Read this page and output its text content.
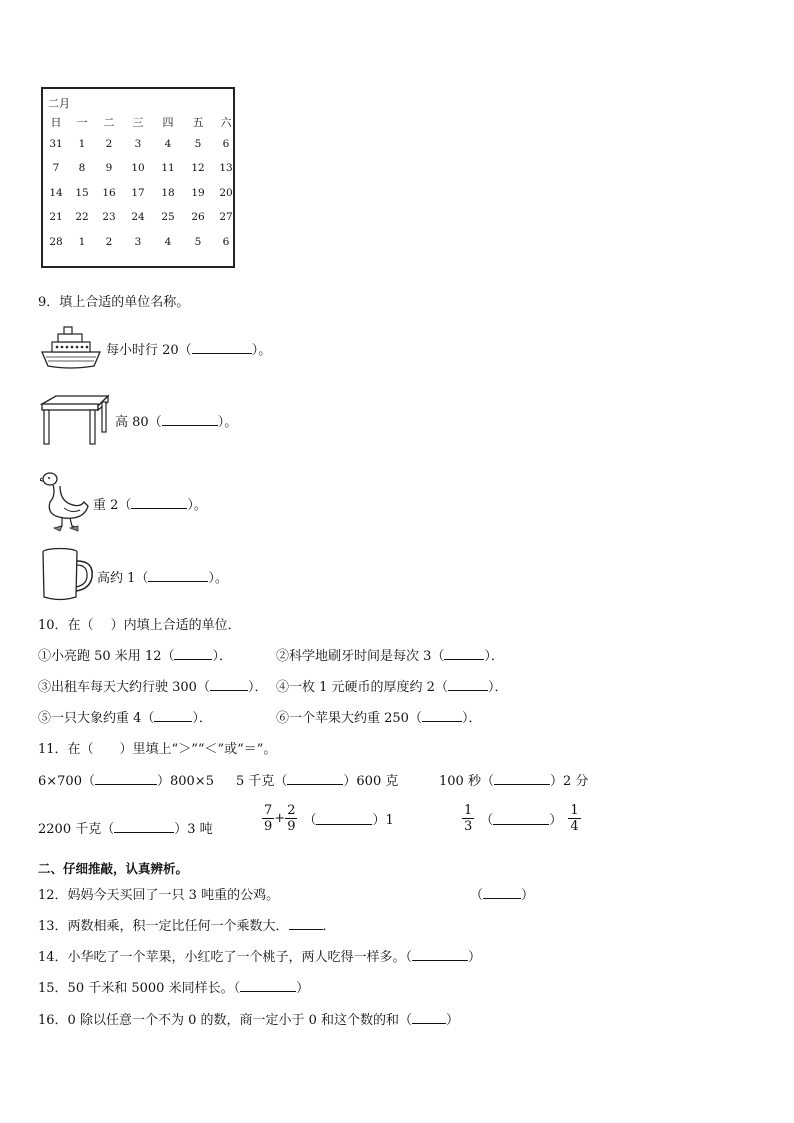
二月
日	一	二	三	四	五	六
31	1	2	3	4	5	6
7	8	9	10	11	12	13
14	15	16	17	18	19	20
21	22	23	24	25	26	27
28	1	2	3	4	5	6
9．填上合适的单位名称。
每小时行 20（	）。
高 80（	）。
重 2（	）。
高约 1（	）。
10．在（　 ）内填上合适的单位．
①小亮跑 50 米用 12（	）．	②科学地刷牙时间是每次 3（	）．
③出租车每天大约行驶 300（	）． ④一枚 1 元硬币的厚度约 2（	）．
⑤一只大象约重 4（	）．	⑥一个苹果大约重 250（	）．
11．在（　　）里填上“＞”“＜”或“＝”。
6×700（	）800×5 5 千克（	）600 克	100 秒（	）2 分
2200 千克（	）3 吨	$\frac{7}{9} + \frac{2}{9}$ （	）1	$\frac{1}{3}$ （	） $\frac{1}{4}$
二、仔细推敲，认真辨析。
12．妈妈今天买回了一只 3 吨重的公鸡。	（	）
13．两数相乘，积一定比任何一个乘数大．	．
14．小华吃了一个苹果，小红吃了一个桃子，两人吃得一样多。（	）
15．50 千米和 5000 米同样长。（	）
16．0 除以任意一个不为 0 的数，商一定小于 0 和这个数的和（	）
